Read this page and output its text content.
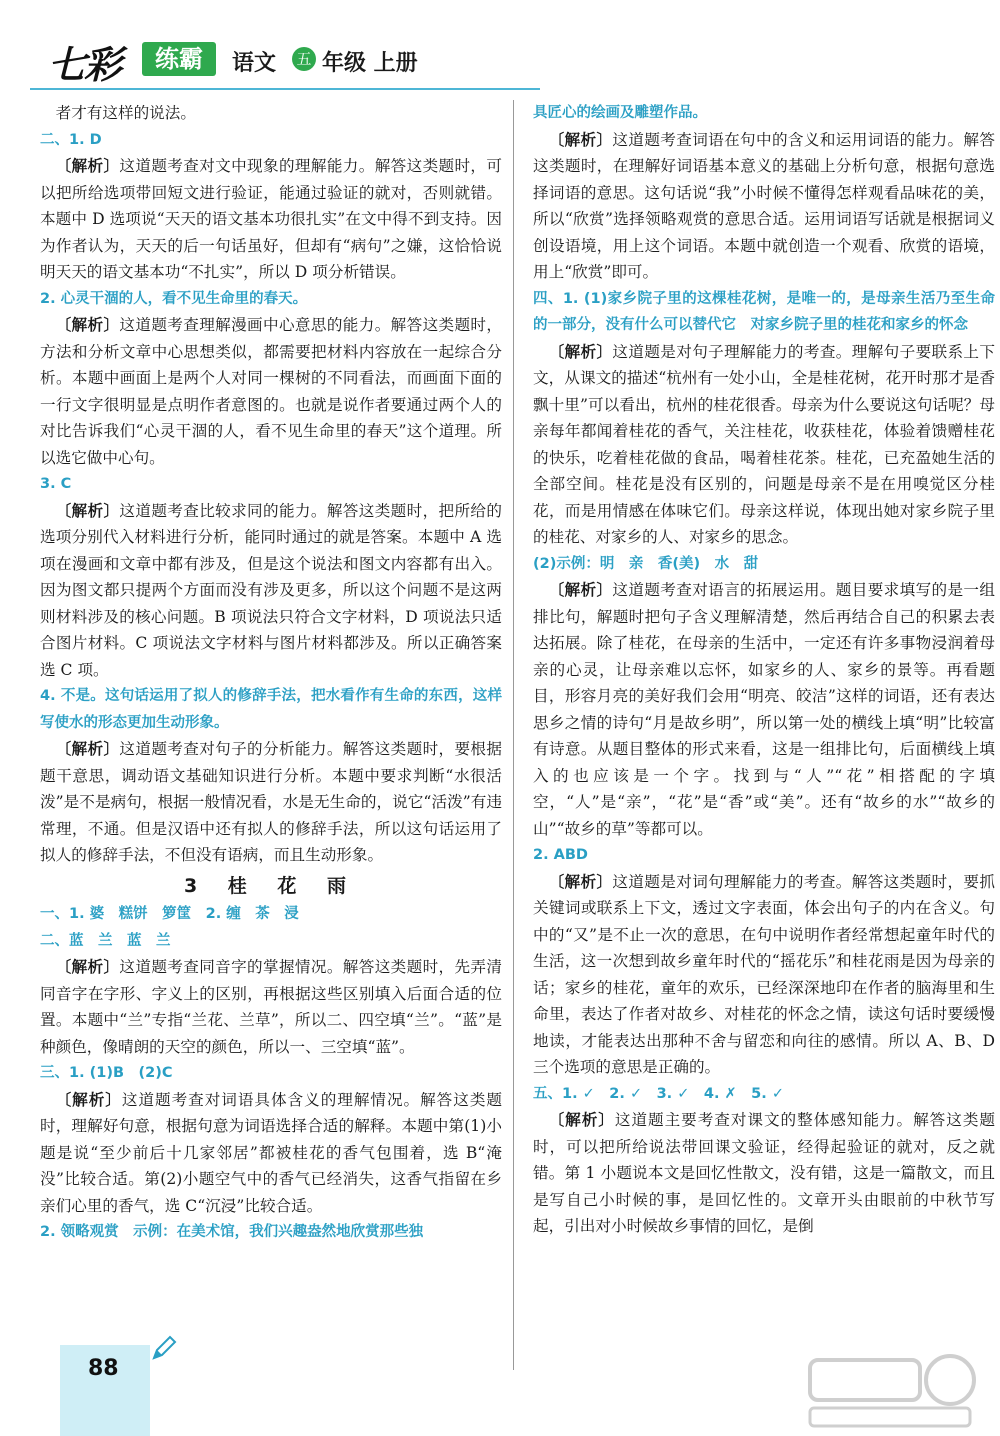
七彩	练霸	语文 五 年级 上册

者才有这样的说法。

二、1. D

〔解析〕这道题考查对文中现象的理解能力。解答这类题时，可以把所给选项带回短文进行验证，能通过验证的就对，否则就错。本题中 D 选项说“天天的语文基本功很扎实”在文中得不到支持。因为作者认为，天天的后一句话虽好，但却有“病句”之嫌，这恰恰说明天天的语文基本功“不扎实”，所以 D 项分析错误。

2. 心灵干涸的人，看不见生命里的春天。

〔解析〕这道题考查理解漫画中心意思的能力。解答这类题时，方法和分析文章中心思想类似，都需要把材料内容放在一起综合分析。本题中画面上是两个人对同一棵树的不同看法，而画面下面的一行文字很明显是点明作者意图的。也就是说作者要通过两个人的对比告诉我们“心灵干涸的人，看不见生命里的春天”这个道理。所以选它做中心句。

3. C

〔解析〕这道题考查比较求同的能力。解答这类题时，把所给的选项分别代入材料进行分析，能同时通过的就是答案。本题中 A 选项在漫画和文章中都有涉及，但是这个说法和图文内容都有出入。因为图文都只提两个方面而没有涉及更多，所以这个问题不是这两则材料涉及的核心问题。B 项说法只符合文字材料，D 项说法只适合图片材料。C 项说法文字材料与图片材料都涉及。所以正确答案选 C 项。

4. 不是。这句话运用了拟人的修辞手法，把水看作有生命的东西，这样写使水的形态更加生动形象。

〔解析〕这道题考查对句子的分析能力。解答这类题时，要根据题干意思，调动语文基础知识进行分析。本题中要求判断“水很活泼”是不是病句，根据一般情况看，水是无生命的，说它“活泼”有违常理，不通。但是汉语中还有拟人的修辞手法，所以这句话运用了拟人的修辞手法，不但没有语病，而且生动形象。

3 桂 花 雨

一、1. 婆　糕饼　箩筐　2. 缠　茶　浸

二、蓝　兰　蓝　兰

〔解析〕这道题考查同音字的掌握情况。解答这类题时，先弄清同音字在字形、字义上的区别，再根据这些区别填入后面合适的位置。本题中“兰”专指“兰花、兰草”，所以二、四空填“兰”。“蓝”是种颜色，像晴朗的天空的颜色，所以一、三空填“蓝”。

三、1. (1)B　(2)C

〔解析〕这道题考查对词语具体含义的理解情况。解答这类题时，理解好句意，根据句意为词语选择合适的解释。本题中第(1)小题是说“至少前后十几家邻居”都被桂花的香气包围着，选 B“淹没”比较合适。第(2)小题空气中的香气已经消失，这香气指留在乡亲们心里的香气，选 C“沉浸”比较合适。

2. 领略观赏　示例：在美术馆，我们兴趣盎然地欣赏那些独

具匠心的绘画及雕塑作品。

〔解析〕这道题考查词语在句中的含义和运用词语的能力。解答这类题时，在理解好词语基本意义的基础上分析句意，根据句意选择词语的意思。这句话说“我”小时候不懂得怎样观看品味花的美，所以“欣赏”选择领略观赏的意思合适。运用词语写话就是根据词义创设语境，用上这个词语。本题中就创造一个观看、欣赏的语境，用上“欣赏”即可。

四、1. (1)家乡院子里的这棵桂花树，是唯一的，是母亲生活乃至生命的一部分，没有什么可以替代它　对家乡院子里的桂花和家乡的怀念

〔解析〕这道题是对句子理解能力的考查。理解句子要联系上下文，从课文的描述“杭州有一处小山，全是桂花树，花开时那才是香飘十里”可以看出，杭州的桂花很香。母亲为什么要说这句话呢？母亲每年都闻着桂花的香气，关注桂花，收获桂花，体验着馈赠桂花的快乐，吃着桂花做的食品，喝着桂花茶。桂花，已充盈她生活的全部空间。桂花是没有区别的，问题是母亲不是在用嗅觉区分桂花，而是用情感在体味它们。母亲这样说，体现出她对家乡院子里的桂花、对家乡的人、对家乡的思念。

(2)示例：明　亲　香(美)　水　甜

〔解析〕这道题考查对语言的拓展运用。题目要求填写的是一组排比句，解题时把句子含义理解清楚，然后再结合自己的积累去表达拓展。除了桂花，在母亲的生活中，一定还有许多事物浸润着母亲的心灵，让母亲难以忘怀，如家乡的人、家乡的景等。再看题目，形容月亮的美好我们会用“明亮、皎洁”这样的词语，还有表达思乡之情的诗句“月是故乡明”，所以第一处的横线上填“明”比较富有诗意。从题目整体的形式来看，这是一组排比句，后面横线上填入的也应该是一个字。找到与“人”“花”相搭配的字填空，“人”是“亲”，“花”是“香”或“美”。还有“故乡的水”“故乡的山”“故乡的草”等都可以。

2. ABD

〔解析〕这道题是对词句理解能力的考查。解答这类题时，要抓关键词或联系上下文，透过文字表面，体会出句子的内在含义。句中的“又”是不止一次的意思，在句中说明作者经常想起童年时代的生活，这一次想到故乡童年时代的“摇花乐”和桂花雨是因为母亲的话；家乡的桂花，童年的欢乐，已经深深地印在作者的脑海里和生命里，表达了作者对故乡、对桂花的怀念之情，读这句话时要缓慢地读，才能表达出那种不舍与留恋和向往的感情。所以 A、B、D 三个选项的意思是正确的。

五、1. ✓　2. ✓　3. ✓　4. ✗　5. ✓

〔解析〕这道题主要考查对课文的整体感知能力。解答这类题时，可以把所给说法带回课文验证，经得起验证的就对，反之就错。第 1 小题说本文是回忆性散文，没有错，这是一篇散文，而且是写自己小时候的事，是回忆性的。文章开头由眼前的中秋节写起，引出对小时候故乡事情的回忆，是倒

88
